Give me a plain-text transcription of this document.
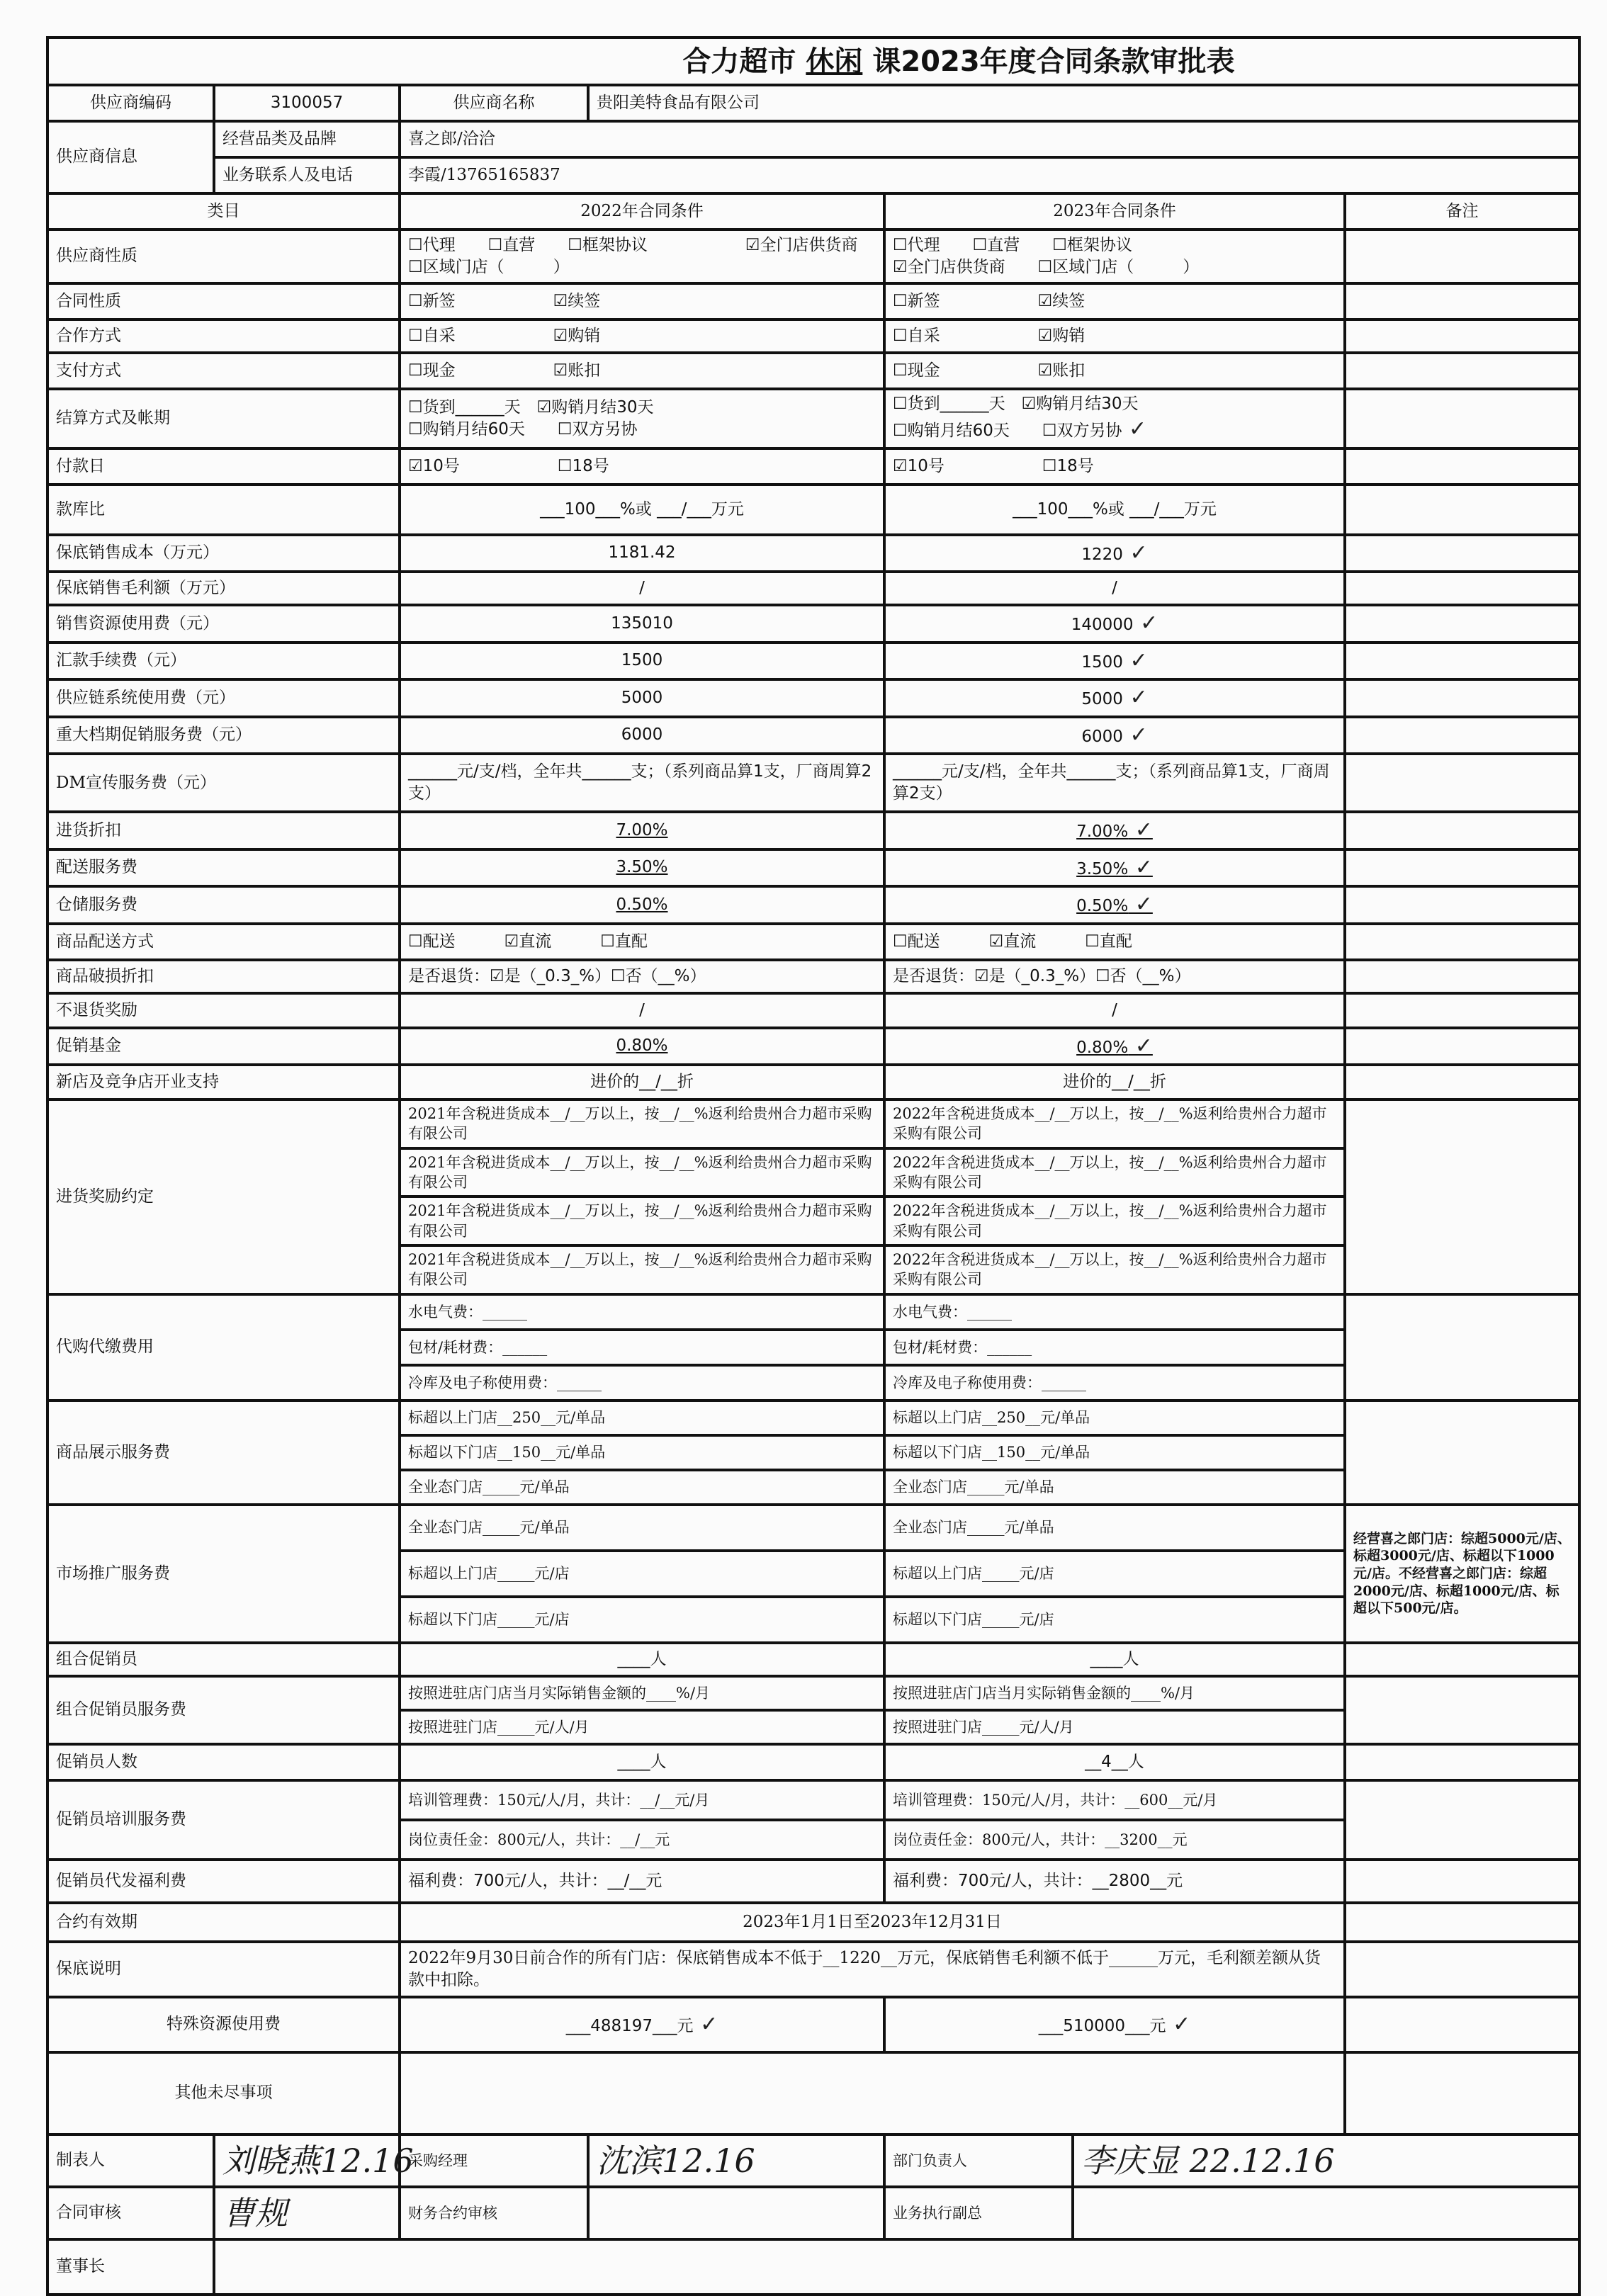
合力超市 休闲 课2023年度合同条款审批表						
供应商编码	3100057	供应商名称	贵阳美特食品有限公司			
供应商信息	经营品类及品牌	喜之郎/洽洽				
	业务联系人及电话	李霞/13765165837				
类目		2022年合同条件		2023年合同条件		备注
供应商性质		☐代理　　☐直营　　☐框架协议　　　　　　☑全门店供货商　　☐区域门店（　　　）		☐代理　　☐直营　　☐框架协议
☑全门店供货商　　☐区域门店（　　　）		

合同性质		☐新签　　　　　　☑续签		☐新签　　　　　　☑续签		

合作方式		☐自采　　　　　　☑购销		☐自采　　　　　　☑购销		

支付方式		☐现金　　　　　　☑账扣		☐现金　　　　　　☑账扣		

结算方式及帐期		☐货到______天　☑购销月结30天
☐购销月结60天　　☐双方另协		☐货到______天　☑购销月结30天
☐购销月结60天　　☐双方另协 ✓

付款日		☑10号　　　　　　☐18号		☑10号　　　　　　☐18号		

款库比		___100___%或 ___/___万元		___100___%或 ___/___万元		

保底销售成本（万元）		1181.42		1220 ✓

保底销售毛利额（万元）		/		/		

销售资源使用费（元）		135010		140000 ✓

汇款手续费（元）		1500		1500 ✓

供应链系统使用费（元）		5000		5000 ✓

重大档期促销服务费（元）		6000		6000 ✓

DM宣传服务费（元）		______元/支/档，全年共______支；（系列商品算1支，厂商周算2支）		______元/支/档，全年共______支；（系列商品算1支，厂商周算2支）		

进货折扣		7.00%		7.00% ✓	
配送服务费		3.50%		3.50% ✓	
仓储服务费		0.50%		0.50% ✓	
商品配送方式		☐配送　　　☑直流　　　☐直配		☐配送　　　☑直流　　　☐直配		

商品破损折扣		是否退货：☑是（_0.3_%）☐否（__%）		是否退货：☑是（_0.3_%）☐否（__%）		

不退货奖励		/		/		

促销基金		0.80%		0.80% ✓	
新店及竞争店开业支持		进价的__/__折		进价的__/__折		

进货奖励约定		2021年含税进货成本__/__万以上，按__/__%返利给贵州合力超市采购有限公司		2022年含税进货成本__/__万以上，按__/__%返利给贵州合力超市采购有限公司		
		2021年含税进货成本__/__万以上，按__/__%返利给贵州合力超市采购有限公司		2022年含税进货成本__/__万以上，按__/__%返利给贵州合力超市采购有限公司		
		2021年含税进货成本__/__万以上，按__/__%返利给贵州合力超市采购有限公司		2022年含税进货成本__/__万以上，按__/__%返利给贵州合力超市采购有限公司		
		2021年含税进货成本__/__万以上，按__/__%返利给贵州合力超市采购有限公司		2022年含税进货成本__/__万以上，按__/__%返利给贵州合力超市采购有限公司		
代购代缴费用		水电气费：______		水电气费：______		
		包材/耗材费：______		包材/耗材费：______		
		冷库及电子称使用费：______		冷库及电子称使用费：______		
商品展示服务费		标超以上门店__250__元/单品		标超以上门店__250__元/单品		
		标超以下门店__150__元/单品		标超以下门店__150__元/单品		
		全业态门店_____元/单品		全业态门店_____元/单品		
市场推广服务费		全业态门店_____元/单品		全业态门店_____元/单品		经营喜之郎门店：综超5000元/店、标超3000元/店、标超以下1000元/店。不经营喜之郎门店：综超2000元/店、标超1000元/店、标超以下500元/店。
		标超以上门店_____元/店		标超以上门店_____元/店		
		标超以下门店_____元/店		标超以下门店_____元/店		
组合促销员		____人		____人		

组合促销员服务费		按照进驻店门店当月实际销售金额的____%/月		按照进驻店门店当月实际销售金额的____%/月		
		按照进驻门店_____元/人/月		按照进驻门店_____元/人/月		
促销员人数		____人		__4__人		

促销员培训服务费		培训管理费：150元/人/月，共计：__/__元/月		培训管理费：150元/人/月，共计：__600__元/月		
		岗位责任金：800元/人，共计：__/__元		岗位责任金：800元/人，共计：__3200__元		
促销员代发福利费		福利费：700元/人，共计：__/__元		福利费：700元/人，共计：__2800__元		

合约有效期		2023年1月1日至2023年12月31日				
保底说明		2022年9月30日前合作的所有门店：保底销售成本不低于__1220__万元，保底销售毛利额不低于______万元，毛利额差额从货款中扣除。				
特殊资源使用费		___488197___元 ✓		___510000___元 ✓	
其他未尽事项						
制表人	刘晓燕12.16	采购经理	沈滨12.16	部门负责人	李庆显 22.12.16	
合同审核	曹规	财务合约审核		业务执行副总		
董事长						
